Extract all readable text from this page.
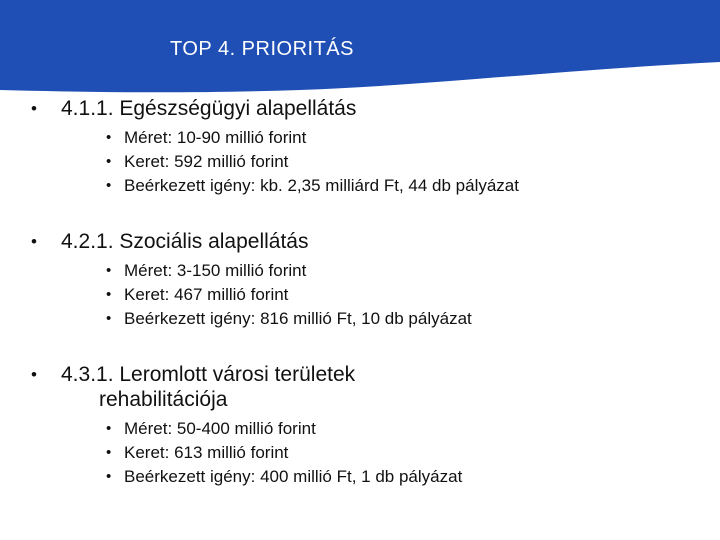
TOP 4. PRIORITÁS
• 4.1.1. Egészségügyi alapellátás
• Méret: 10-90 millió forint
• Keret: 592 millió forint
• Beérkezett igény: kb. 2,35 milliárd Ft, 44 db pályázat
• 4.2.1. Szociális alapellátás
• Méret: 3-150 millió forint
• Keret: 467 millió forint
• Beérkezett igény: 816 millió Ft, 10 db pályázat
• 4.3.1. Leromlott városi területek
rehabilitációja
• Méret: 50-400 millió forint
• Keret: 613 millió forint
• Beérkezett igény: 400 millió Ft, 1 db pályázat
